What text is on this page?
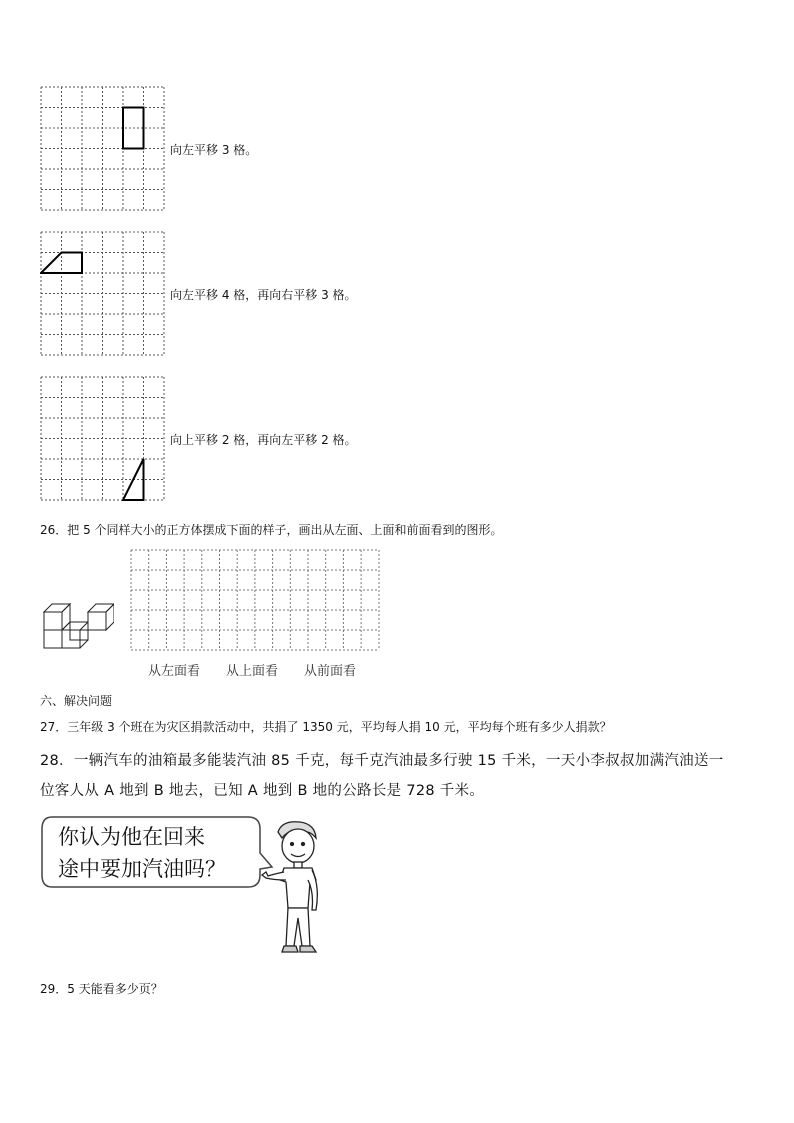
向左平移 3 格。
向左平移 4 格，再向右平移 3 格。
向上平移 2 格，再向左平移 2 格。
26．把 5 个同样大小的正方体摆成下面的样子，画出从左面、上面和前面看到的图形。
从左面看 从上面看 从前面看
六、解决问题
27．三年级 3 个班在为灾区捐款活动中，共捐了 1350 元，平均每人捐 10 元，平均每个班有多少人捐款？
28．一辆汽车的油箱最多能装汽油 85 千克，每千克汽油最多行驶 15 千米，一天小李叔叔加满汽油送一
位客人从 A 地到 B 地去，已知 A 地到 B 地的公路长是 728 千米。
你认为他在回来
途中要加汽油吗？
29．5 天能看多少页？
